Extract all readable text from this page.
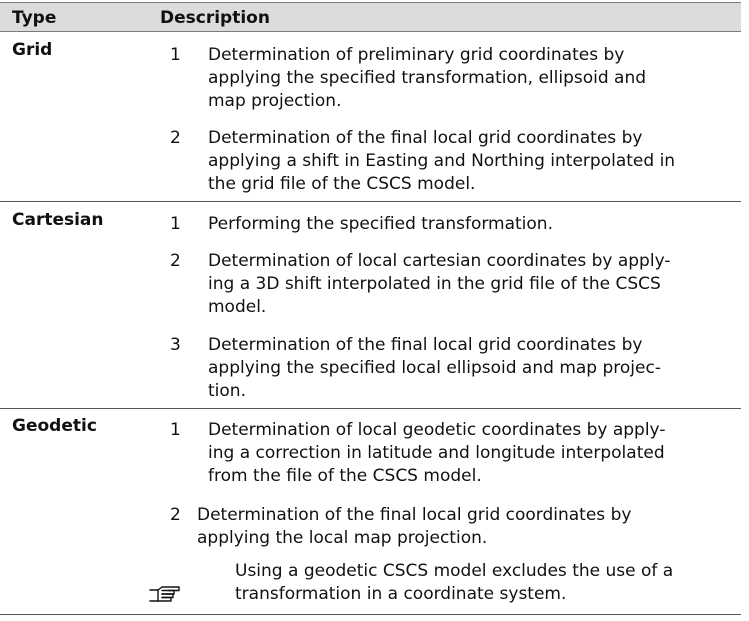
Type	Description
Grid	1 Determination of preliminary grid coordinates by
applying the specified transformation, ellipsoid and
map projection.
2 Determination of the final local grid coordinates by
applying a shift in Easting and Northing interpolated in
the grid file of the CSCS model.
Cartesian	1 Performing the specified transformation.
2 Determination of local cartesian coordinates by apply-
ing a 3D shift interpolated in the grid file of the CSCS
model.
3 Determination of the final local grid coordinates by
applying the specified local ellipsoid and map projec-
tion.
Geodetic	1 Determination of local geodetic coordinates by apply-
ing a correction in latitude and longitude interpolated
from the file of the CSCS model.
2 Determination of the final local grid coordinates by
applying the local map projection.
Using a geodetic CSCS model excludes the use of a
transformation in a coordinate system.
